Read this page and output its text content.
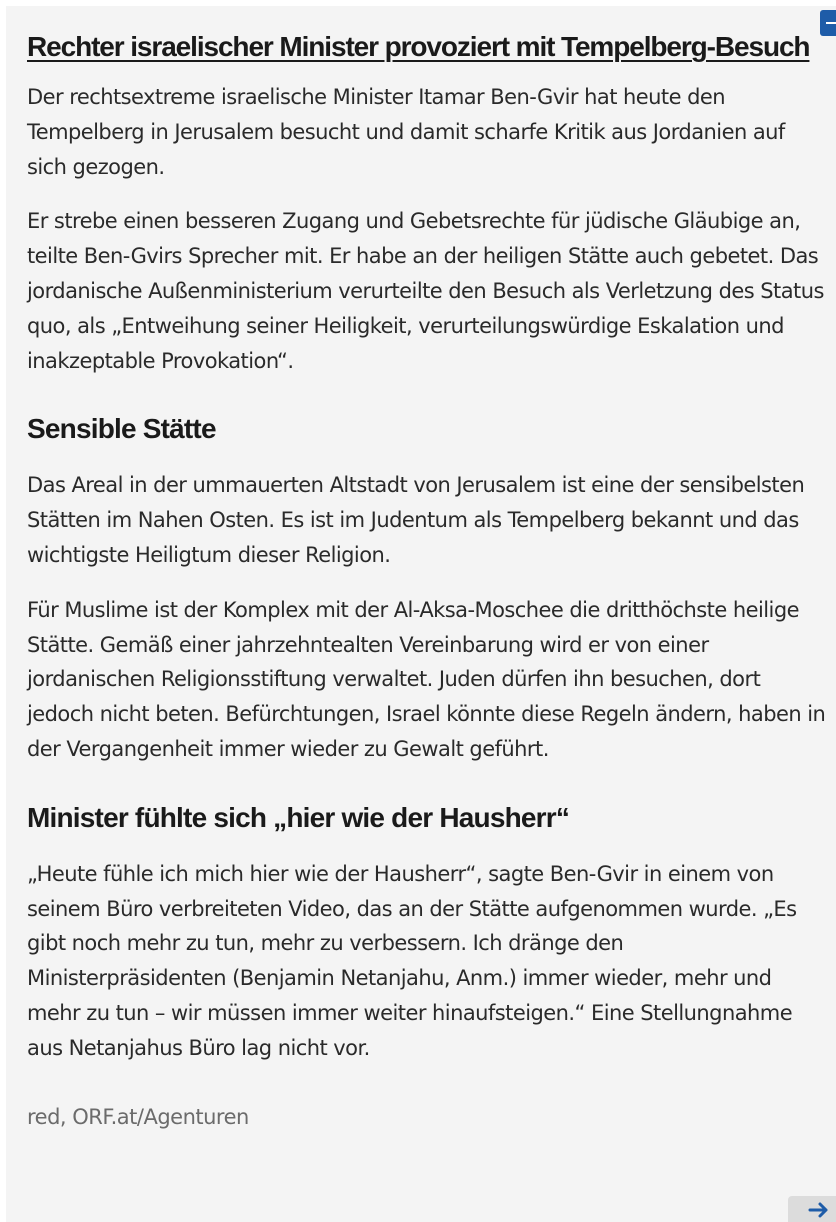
Rechter israelischer Minister provoziert mit Tempelberg-Besuch

Der rechtsextreme israelische Minister Itamar Ben-Gvir hat heute den Tempelberg in Jerusalem besucht und damit scharfe Kritik aus Jordanien auf sich gezogen.

Er strebe einen besseren Zugang und Gebetsrechte für jüdische Gläubige an, teilte Ben-Gvirs Sprecher mit. Er habe an der heiligen Stätte auch gebetet. Das jordanische Außenministerium verurteilte den Besuch als Verletzung des Status quo, als „Entweihung seiner Heiligkeit, verurteilungswürdige Eskalation und inakzeptable Provokation“.

Sensible Stätte

Das Areal in der ummauerten Altstadt von Jerusalem ist eine der sensibelsten Stätten im Nahen Osten. Es ist im Judentum als Tempelberg bekannt und das wichtigste Heiligtum dieser Religion.

Für Muslime ist der Komplex mit der Al-Aksa-Moschee die dritthöchste heilige Stätte. Gemäß einer jahrzehntealten Vereinbarung wird er von einer jordanischen Religionsstiftung verwaltet. Juden dürfen ihn besuchen, dort jedoch nicht beten. Befürchtungen, Israel könnte diese Regeln ändern, haben in der Vergangenheit immer wieder zu Gewalt geführt.

Minister fühlte sich „hier wie der Hausherr“

„Heute fühle ich mich hier wie der Hausherr“, sagte Ben-Gvir in einem von seinem Büro verbreiteten Video, das an der Stätte aufgenommen wurde. „Es gibt noch mehr zu tun, mehr zu verbessern. Ich dränge den Ministerpräsidenten (Benjamin Netanjahu, Anm.) immer wieder, mehr und mehr zu tun – wir müssen immer weiter hinaufsteigen.“ Eine Stellungnahme aus Netanjahus Büro lag nicht vor.

red, ORF.at/Agenturen
